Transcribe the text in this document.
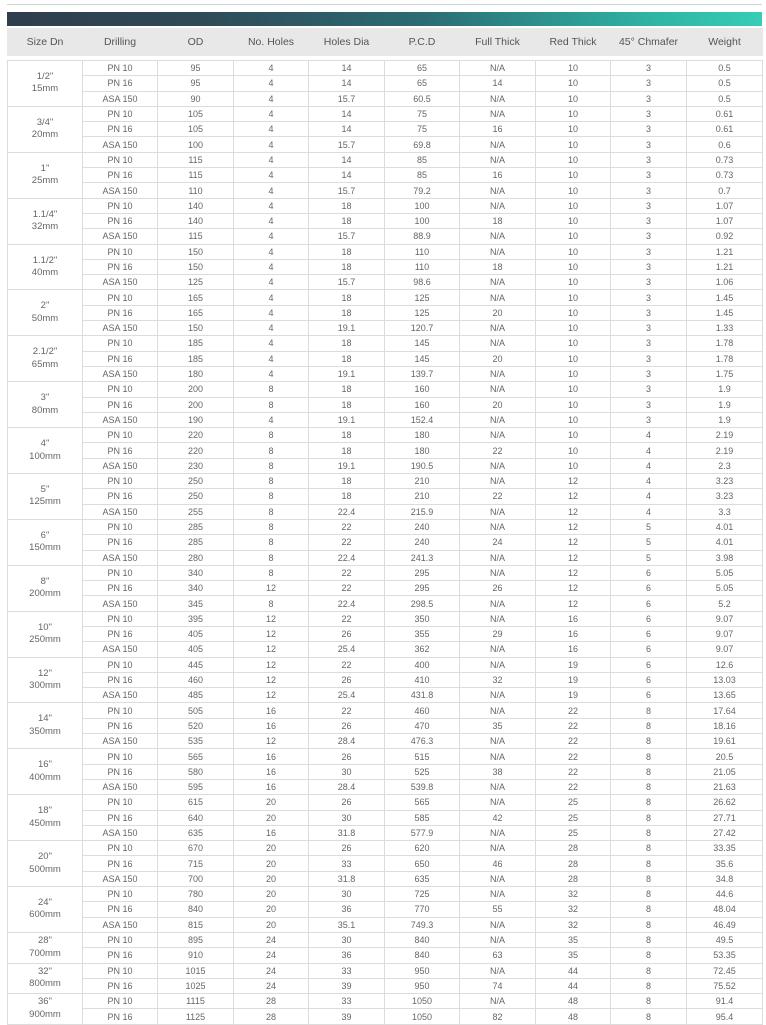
Size Dn	Drilling	OD	No. Holes	Holes Dia	P.C.D	Full Thick	Red Thick	45° Chmafer	Weight

1/2"
15mm	PN 10	95	4	14	65	N/A	10	3	0.5
	PN 16	95	4	14	65	14	10	3	0.5
	ASA 150	90	4	15.7	60.5	N/A	10	3	0.5

3/4"
20mm	PN 10	105	4	14	75	N/A	10	3	0.61
	PN 16	105	4	14	75	16	10	3	0.61
	ASA 150	100	4	15.7	69.8	N/A	10	3	0.6

1"
25mm	PN 10	115	4	14	85	N/A	10	3	0.73
	PN 16	115	4	14	85	16	10	3	0.73
	ASA 150	110	4	15.7	79.2	N/A	10	3	0.7

1.1/4"
32mm	PN 10	140	4	18	100	N/A	10	3	1.07
	PN 16	140	4	18	100	18	10	3	1.07
	ASA 150	115	4	15.7	88.9	N/A	10	3	0.92

1.1/2"
40mm	PN 10	150	4	18	110	N/A	10	3	1.21
	PN 16	150	4	18	110	18	10	3	1.21
	ASA 150	125	4	15.7	98.6	N/A	10	3	1.06

2"
50mm	PN 10	165	4	18	125	N/A	10	3	1.45
	PN 16	165	4	18	125	20	10	3	1.45
	ASA 150	150	4	19.1	120.7	N/A	10	3	1.33

2.1/2"
65mm	PN 10	185	4	18	145	N/A	10	3	1.78
	PN 16	185	4	18	145	20	10	3	1.78
	ASA 150	180	4	19.1	139.7	N/A	10	3	1.75

3"
80mm	PN 10	200	8	18	160	N/A	10	3	1.9
	PN 16	200	8	18	160	20	10	3	1.9
	ASA 150	190	4	19.1	152.4	N/A	10	3	1.9

4"
100mm	PN 10	220	8	18	180	N/A	10	4	2.19
	PN 16	220	8	18	180	22	10	4	2.19
	ASA 150	230	8	19.1	190.5	N/A	10	4	2.3

5"
125mm	PN 10	250	8	18	210	N/A	12	4	3.23
	PN 16	250	8	18	210	22	12	4	3.23
	ASA 150	255	8	22.4	215.9	N/A	12	4	3.3

6"
150mm	PN 10	285	8	22	240	N/A	12	5	4.01
	PN 16	285	8	22	240	24	12	5	4.01
	ASA 150	280	8	22.4	241.3	N/A	12	5	3.98

8"
200mm	PN 10	340	8	22	295	N/A	12	6	5.05
	PN 16	340	12	22	295	26	12	6	5.05
	ASA 150	345	8	22.4	298.5	N/A	12	6	5.2

10"
250mm	PN 10	395	12	22	350	N/A	16	6	9.07
	PN 16	405	12	26	355	29	16	6	9.07
	ASA 150	405	12	25.4	362	N/A	16	6	9.07

12"
300mm	PN 10	445	12	22	400	N/A	19	6	12.6
	PN 16	460	12	26	410	32	19	6	13.03
	ASA 150	485	12	25.4	431.8	N/A	19	6	13.65

14"
350mm	PN 10	505	16	22	460	N/A	22	8	17.64
	PN 16	520	16	26	470	35	22	8	18.16
	ASA 150	535	12	28.4	476.3	N/A	22	8	19.61

16"
400mm	PN 10	565	16	26	515	N/A	22	8	20.5
	PN 16	580	16	30	525	38	22	8	21.05
	ASA 150	595	16	28.4	539.8	N/A	22	8	21.63

18"
450mm	PN 10	615	20	26	565	N/A	25	8	26.62
	PN 16	640	20	30	585	42	25	8	27.71
	ASA 150	635	16	31.8	577.9	N/A	25	8	27.42

20"
500mm	PN 10	670	20	26	620	N/A	28	8	33.35
	PN 16	715	20	33	650	46	28	8	35.6
	ASA 150	700	20	31.8	635	N/A	28	8	34.8

24"
600mm	PN 10	780	20	30	725	N/A	32	8	44.6
	PN 16	840	20	36	770	55	32	8	48.04
	ASA 150	815	20	35.1	749.3	N/A	32	8	46.49

28"
700mm	PN 10	895	24	30	840	N/A	35	8	49.5
	PN 16	910	24	36	840	63	35	8	53.35

32"
800mm	PN 10	1015	24	33	950	N/A	44	8	72.45
	PN 16	1025	24	39	950	74	44	8	75.52

36"
900mm	PN 10	1115	28	33	1050	N/A	48	8	91.4
	PN 16	1125	28	39	1050	82	48	8	95.4
